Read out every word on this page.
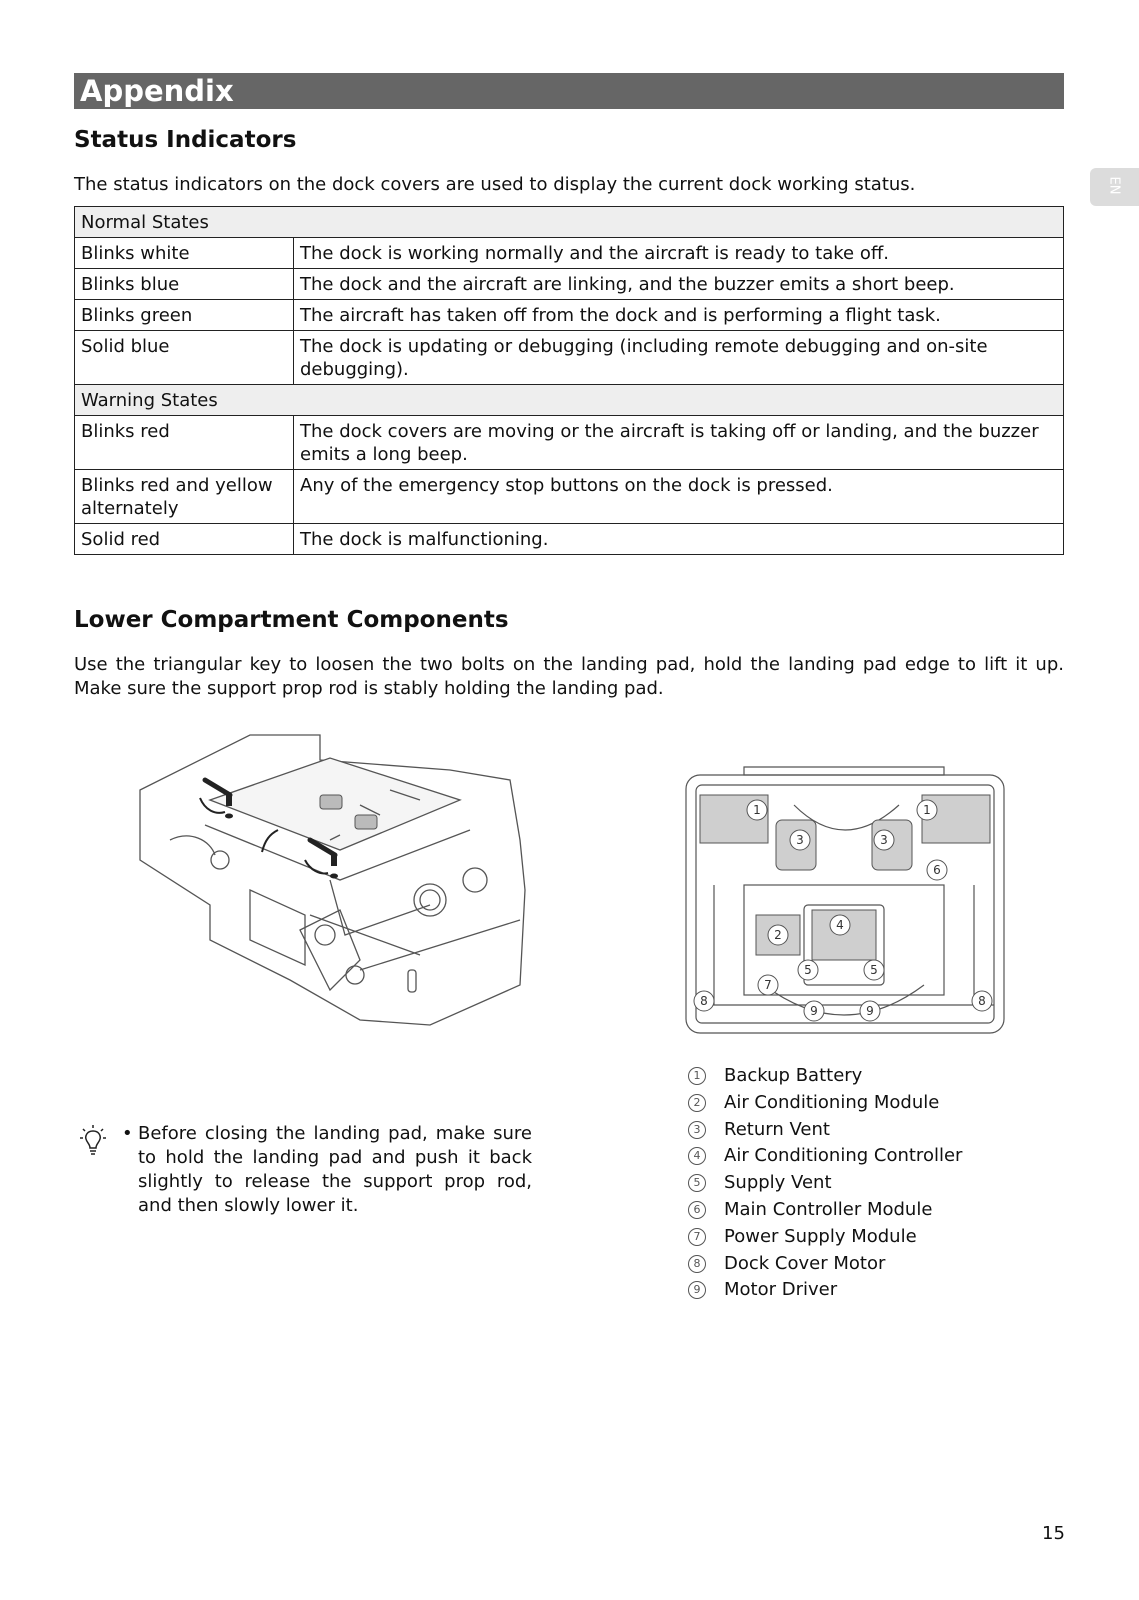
Appendix
EN
Status Indicators

The status indicators on the dock covers are used to display the current dock working status.

Normal States	
Blinks white	The dock is working normally and the aircraft is ready to take off.
Blinks blue	The dock and the aircraft are linking, and the buzzer emits a short beep.
Blinks green	The aircraft has taken off from the dock and is performing a flight task.
Solid blue	The dock is updating or debugging (including remote debugging and on-site debugging).
Warning States	
Blinks red	The dock covers are moving or the aircraft is taking off or landing, and the buzzer emits a long beep.
Blinks red and yellow alternately	Any of the emergency stop buttons on the dock is pressed.
Solid red	The dock is malfunctioning.
Lower Compartment Components

Use the triangular key to loosen the two bolts on the landing pad, hold the landing pad edge to lift it up. Make sure the support prop rod is stably holding the landing pad.

1	1
3	3
6
4
2
5	5
7
8	8
9	9
• Before closing the landing pad, make sure to hold the landing pad and push it back slightly to release the support prop rod, and then slowly lower it.
1	Backup Battery
2	Air Conditioning Module
3	Return Vent
4	Air Conditioning Controller
5	Supply Vent
6	Main Controller Module
7	Power Supply Module
8	Dock Cover Motor
9	Motor Driver
15
